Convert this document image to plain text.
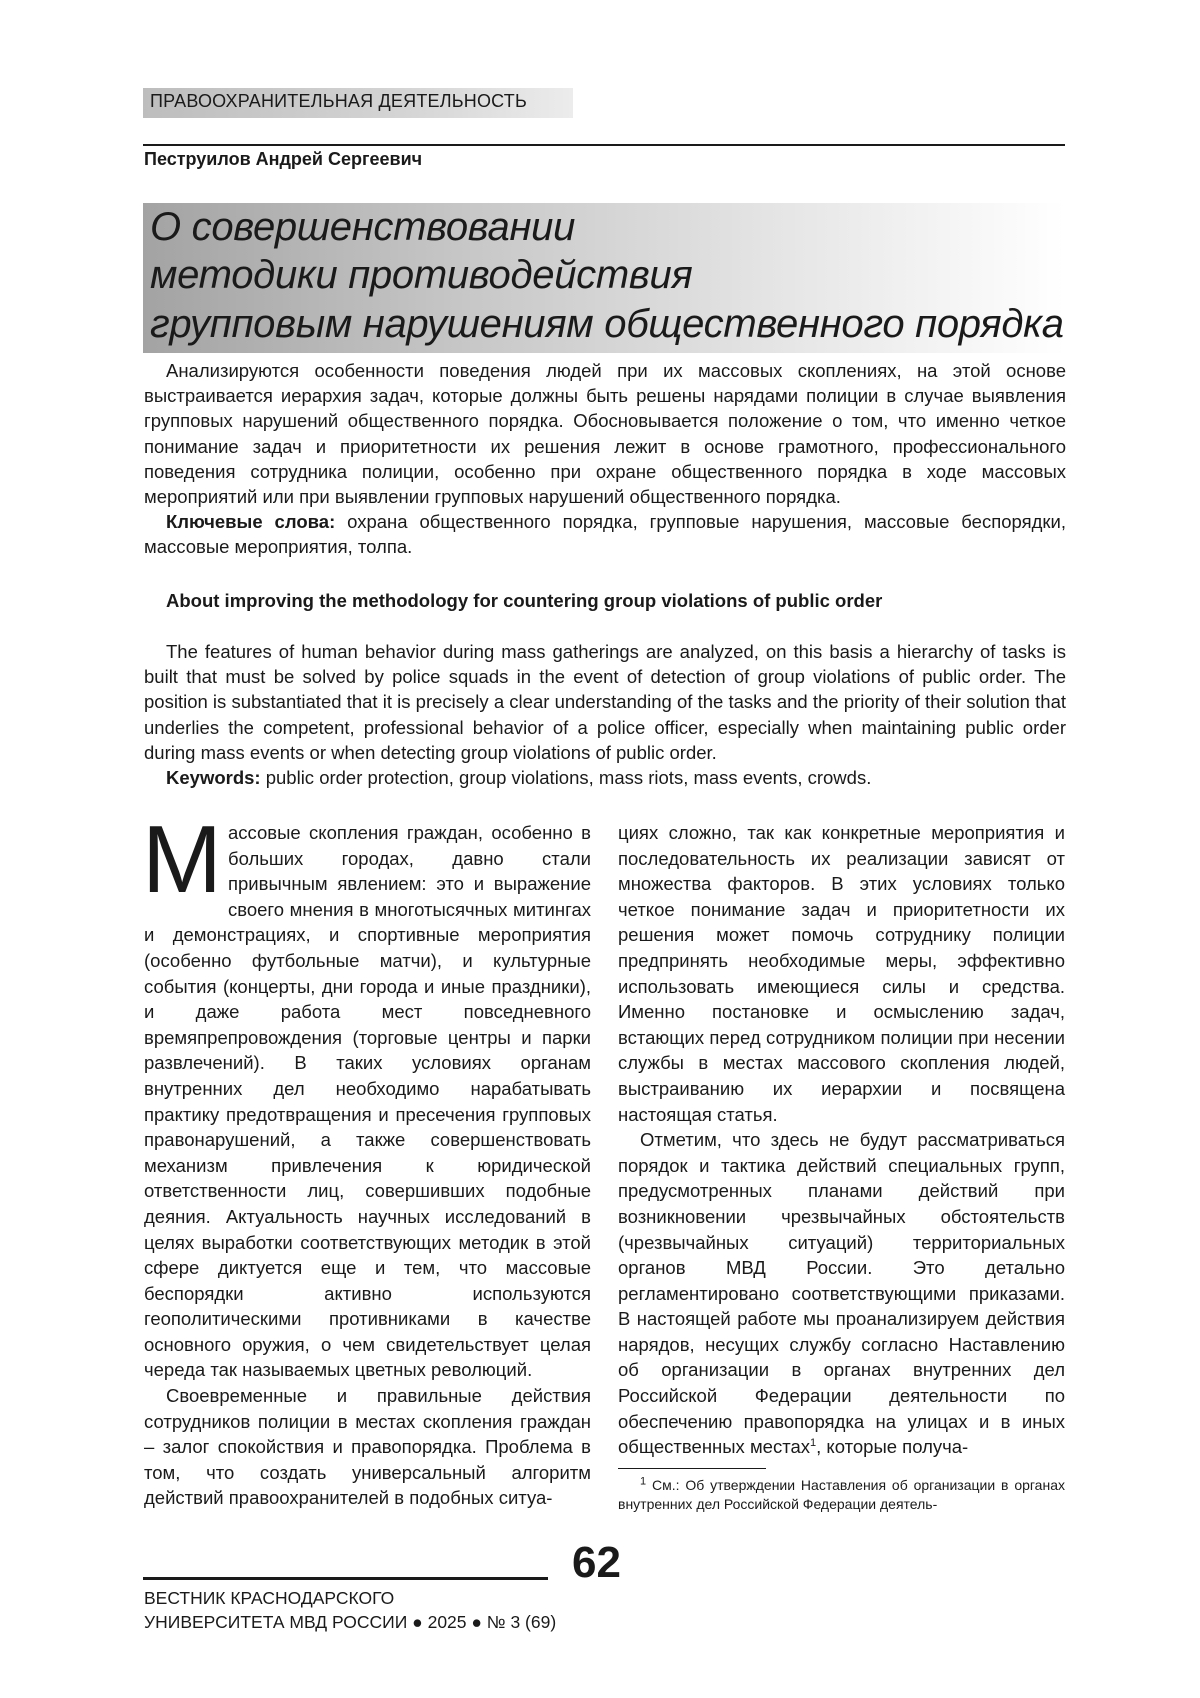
ПРАВООХРАНИТЕЛЬНАЯ ДЕЯТЕЛЬНОСТЬ
Пеструилов Андрей Сергеевич
О совершенствовании
методики противодействия
групповым нарушениям общественного порядка

Анализируются особенности поведения людей при их массовых скоплениях, на этой основе выстраивается иерархия задач, которые должны быть решены нарядами полиции в случае выявления групповых нарушений общественного порядка. Обосновывается положение о том, что именно четкое понимание задач и приоритетности их решения лежит в основе грамотного, профессионального поведения сотрудника полиции, особенно при охране общественного порядка в ходе массовых мероприятий или при выявлении групповых нарушений общественного порядка.

Ключевые слова: охрана общественного порядка, групповые нарушения, массовые беспорядки, массовые мероприятия, толпа.

About improving the methodology for countering group violations of public order

The features of human behavior during mass gatherings are analyzed, on this basis a hierarchy of tasks is built that must be solved by police squads in the event of detection of group violations of public order. The position is substantiated that it is precisely a clear understanding of the tasks and the priority of their solution that underlies the competent, professional behavior of a police officer, especially when maintaining public order during mass events or when detecting group violations of public order.

Keywords: public order protection, group violations, mass riots, mass events, crowds.

Массовые скопления граждан, особенно в больших городах, давно стали привычным явлением: это и выражение своего мнения в многотысячных митингах и демонстрациях, и спортивные мероприятия (особенно футбольные матчи), и культурные события (концерты, дни города и иные праздники), и даже работа мест повседневного времяпрепровождения (торговые центры и парки развлечений). В таких условиях органам внутренних дел необходимо нарабатывать практику предотвращения и пресечения групповых правонарушений, а также совершенствовать механизм привлечения к юридической ответственности лиц, совершивших подобные деяния. Актуальность научных исследований в целях выработки соответствующих методик в этой сфере диктуется еще и тем, что массовые беспорядки активно используются геополитическими противниками в качестве основного оружия, о чем свидетельствует целая череда так называемых цветных революций.

Своевременные и правильные действия сотрудников полиции в местах скопления граждан – залог спокойствия и правопорядка. Проблема в том, что создать универсальный алгоритм действий правоохранителей в подобных ситуа-

циях сложно, так как конкретные мероприятия и последовательность их реализации зависят от множества факторов. В этих условиях только четкое понимание задач и приоритетности их решения может помочь сотруднику полиции предпринять необходимые меры, эффективно использовать имеющиеся силы и средства. Именно постановке и осмыслению задач, встающих перед сотрудником полиции при несении службы в местах массового скопления людей, выстраиванию их иерархии и посвящена настоящая статья.

Отметим, что здесь не будут рассматриваться порядок и тактика действий специальных групп, предусмотренных планами действий при возникновении чрезвычайных обстоятельств (чрезвычайных ситуаций) территориальных органов МВД России. Это детально регламентировано соответствующими приказами. В настоящей работе мы проанализируем действия нарядов, несущих службу согласно Наставлению об организации в органах внутренних дел Российской Федерации деятельности по обеспечению правопорядка на улицах и в иных общественных местах$^1$, которые получа-

$^1$ См.: Об утверждении Наставления об организации в органах внутренних дел Российской Федерации деятель-

62
ВЕСТНИК КРАСНОДАРСКОГО
УНИВЕРСИТЕТА МВД РОССИИ ● 2025 ● № 3 (69)
